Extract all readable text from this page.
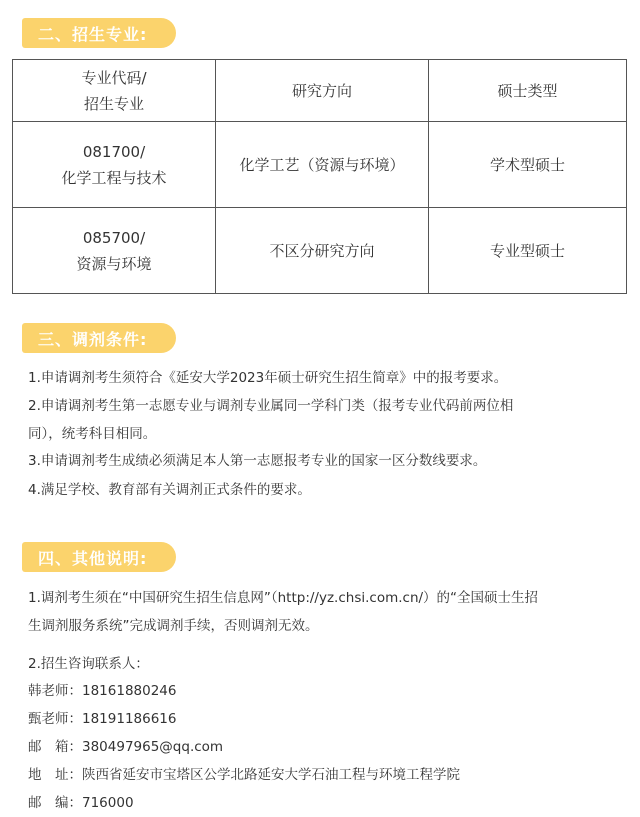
二、招生专业:
专业代码/
招生专业	研究方向	硕士类型

081700/
化学工程与技术	化学工艺（资源与环境）	学术型硕士

085700/
资源与环境	不区分研究方向	专业型硕士
三、调剂条件:
1.申请调剂考生须符合《延安大学2023年硕士研究生招生简章》中的报考要求。
2.申请调剂考生第一志愿专业与调剂专业属同一学科门类（报考专业代码前两位相
同），统考科目相同。
3.申请调剂考生成绩必须满足本人第一志愿报考专业的国家一区分数线要求。
4.满足学校、教育部有关调剂正式条件的要求。
四、其他说明:
1.调剂考生须在“中国研究生招生信息网”（http://yz.chsi.com.cn/）的“全国硕士生招
生调剂服务系统”完成调剂手续，否则调剂无效。
2.招生咨询联系人：
韩老师：18161880246
甄老师：18191186616
邮　箱：380497965@qq.com
地　址：陕西省延安市宝塔区公学北路延安大学石油工程与环境工程学院
邮　编：716000
